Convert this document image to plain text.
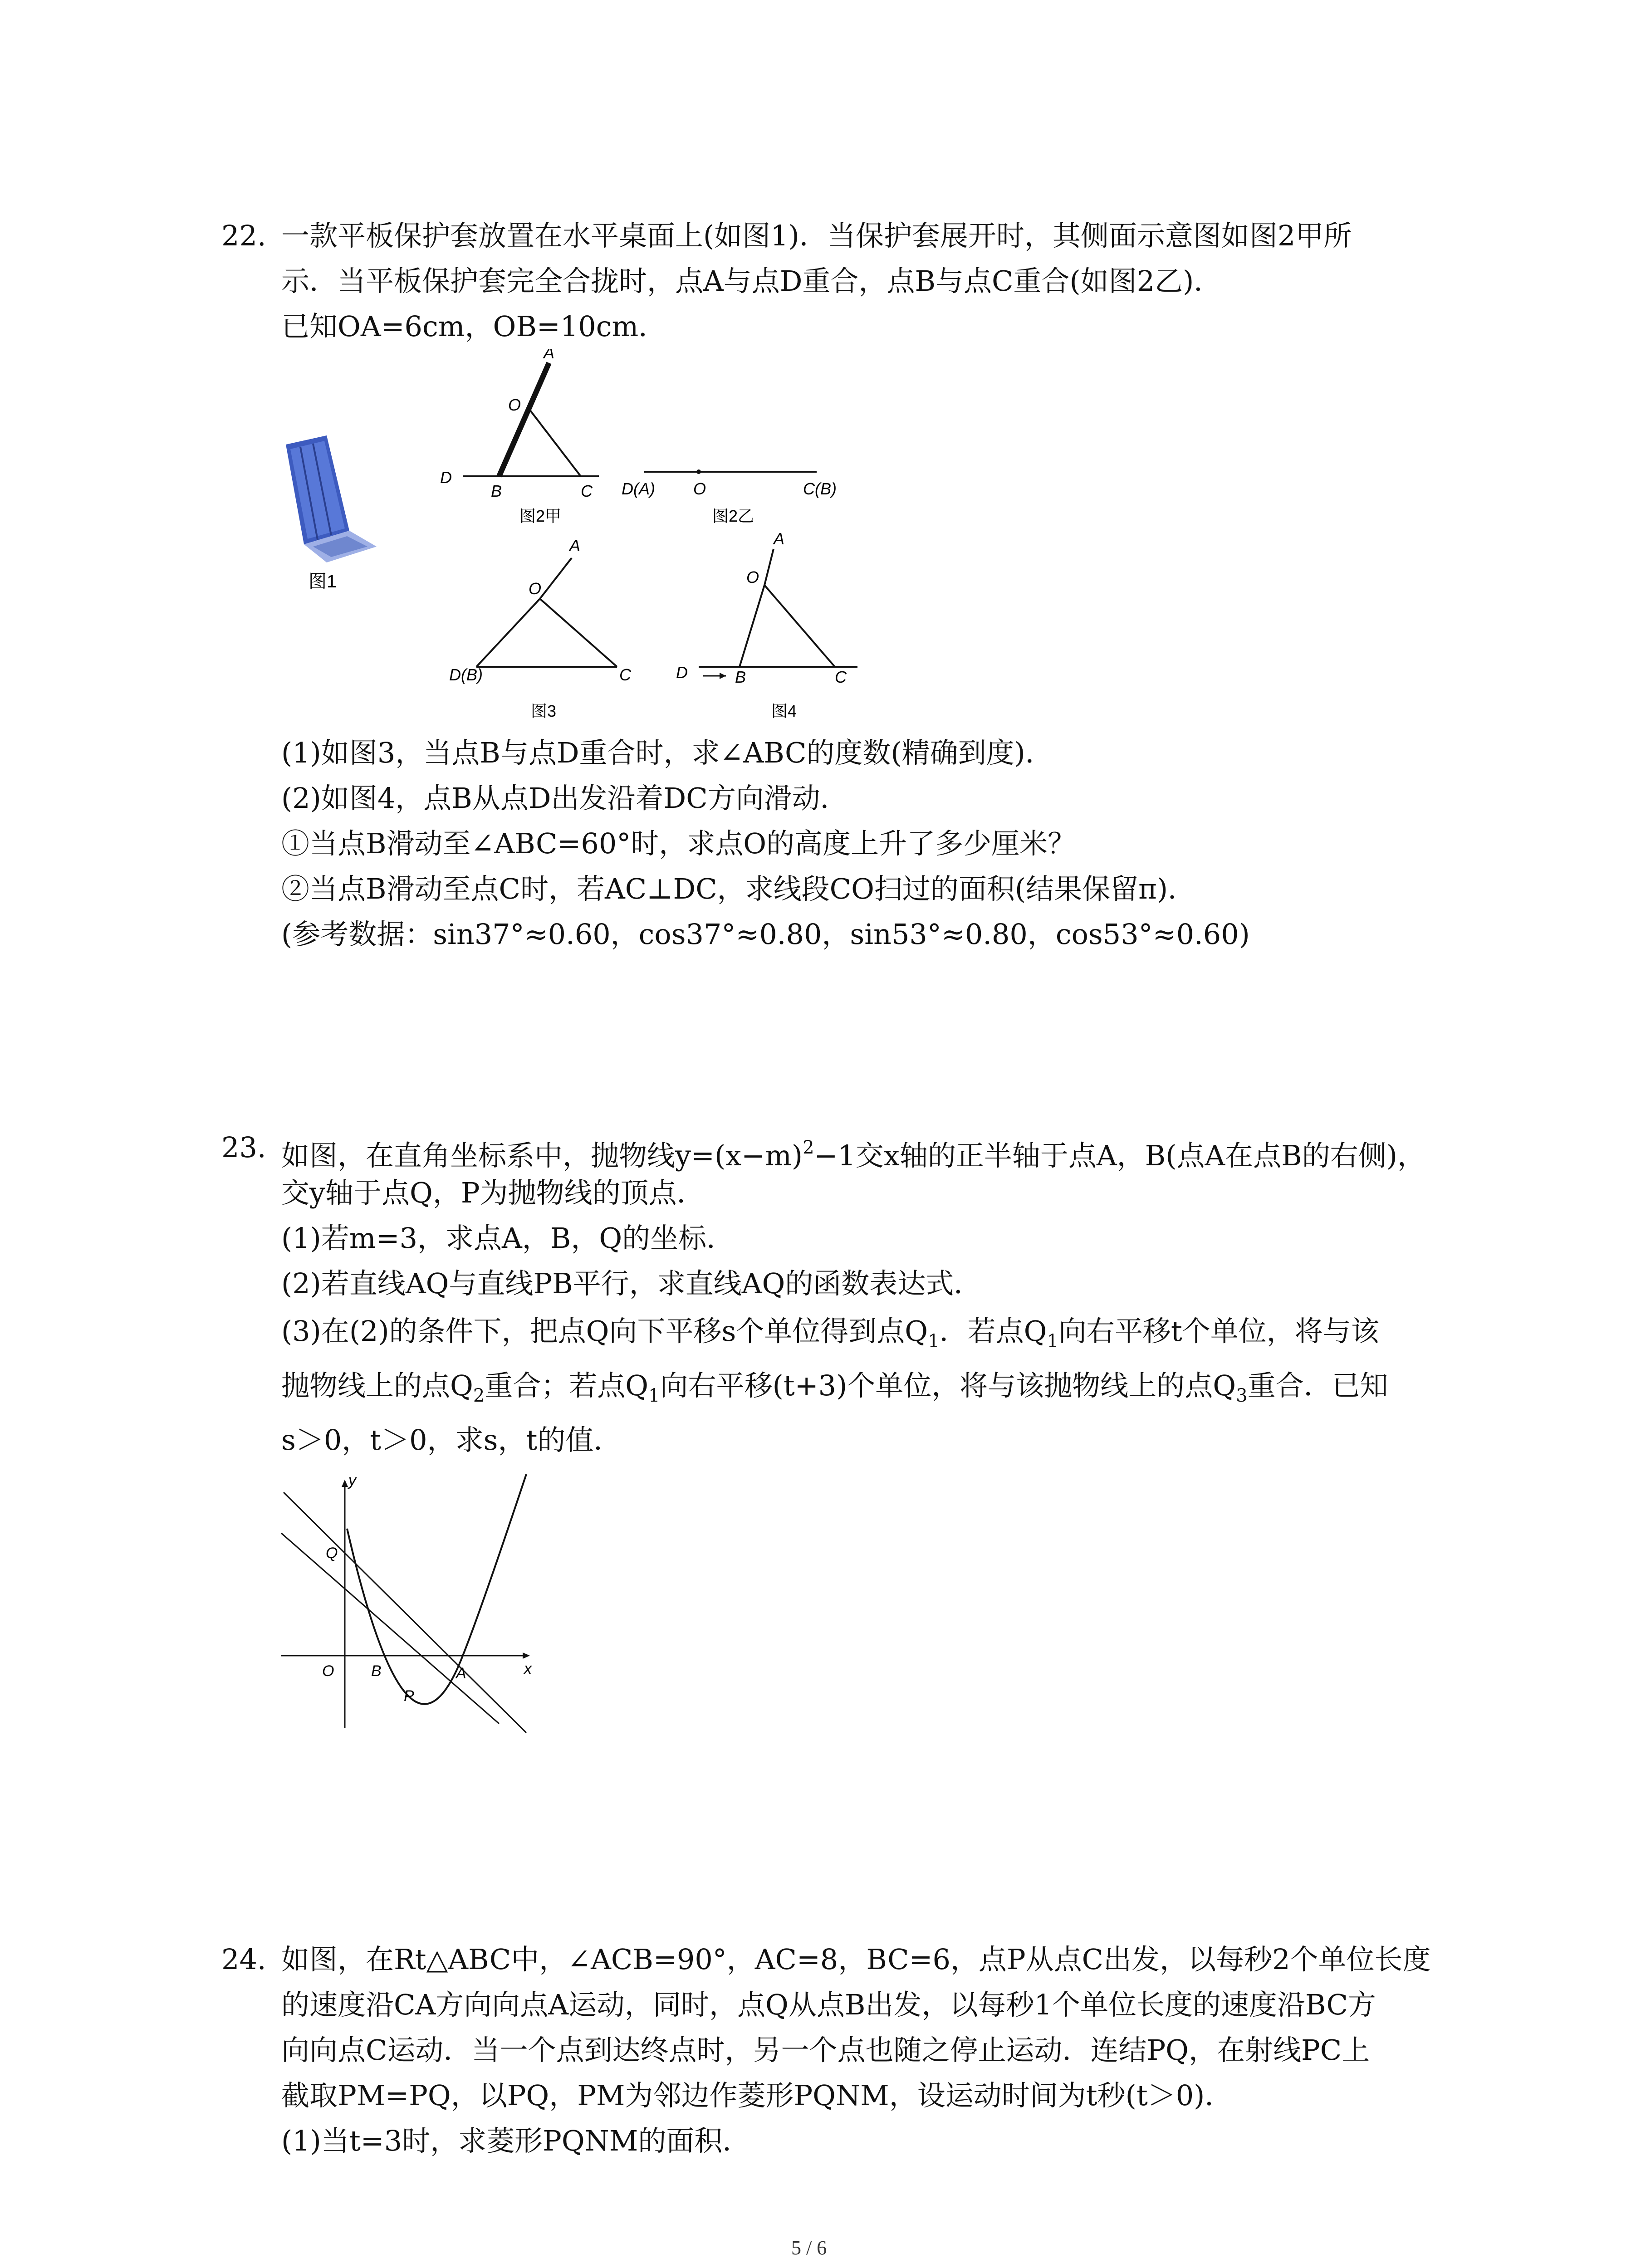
22. 一款平板保护套放置在水平桌面上(如图1)．当保护套展开时，其侧面示意图如图2甲所
示．当平板保护套完全合拢时，点A与点D重合，点B与点C重合(如图2乙)．
已知OA=6cm，OB=10cm．
图1
A
O
D
B	C
图2甲
D(A) O	C(B)
图2乙
A
O
D(B)	C
图3
A
O
D	B	C
图4
(1)如图3，当点B与点D重合时，求∠ABC的度数(精确到度)．
(2)如图4，点B从点D出发沿着DC方向滑动．
①当点B滑动至∠ABC=60°时，求点O的高度上升了多少厘米？
②当点B滑动至点C时，若AC⊥DC，求线段CO扫过的面积(结果保留π)．
(参考数据：sin37°≈0.60，cos37°≈0.80，sin53°≈0.80，cos53°≈0.60)
23. 如图，在直角坐标系中，抛物线$y=(x-m)^2-1$交x轴的正半轴于点A，B(点A在点B的右侧)，
交y轴于点Q，P为抛物线的顶点．
(1)若m=3，求点A，B，Q的坐标．
(2)若直线AQ与直线PB平行，求直线AQ的函数表达式．
(3)在(2)的条件下，把点Q向下平移s个单位得到点$Q_1$．若点$Q_1$向右平移t个单位，将与该
抛物线上的点$Q_2$重合；若点$Q_1$向右平移(t+3)个单位，将与该抛物线上的点$Q_3$重合．已知
s＞0，t＞0，求s，t的值．
y
x
Q
O B	A
P
24. 如图，在Rt△ABC中，∠ACB=90°，AC=8，BC=6，点P从点C出发，以每秒2个单位长度
的速度沿CA方向向点A运动，同时，点Q从点B出发，以每秒1个单位长度的速度沿BC方
向向点C运动．当一个点到达终点时，另一个点也随之停止运动．连结PQ，在射线PC上
截取PM=PQ，以PQ，PM为邻边作菱形PQNM，设运动时间为t秒(t＞0)．
(1)当t=3时，求菱形PQNM的面积．
5 / 6
